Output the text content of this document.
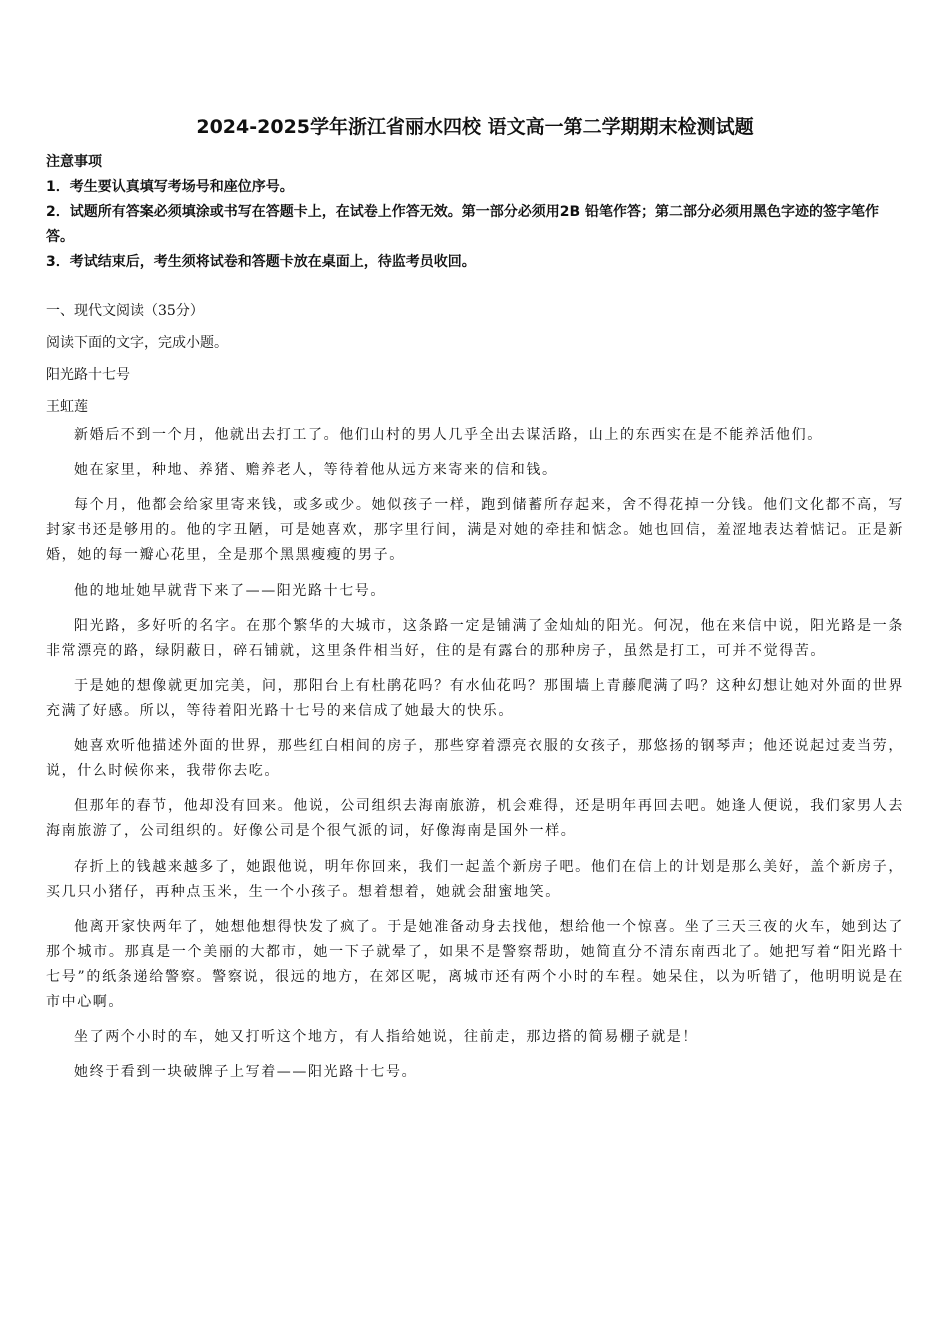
2024-2025学年浙江省丽水四校 语文高一第二学期期末检测试题

注意事项

1．考生要认真填写考场号和座位序号。

2．试题所有答案必须填涂或书写在答题卡上，在试卷上作答无效。第一部分必须用2B 铅笔作答；第二部分必须用黑色字迹的签字笔作答。

3．考试结束后，考生须将试卷和答题卡放在桌面上，待监考员收回。

一、现代文阅读（35分）

阅读下面的文字，完成小题。

阳光路十七号

王虹莲

新婚后不到一个月，他就出去打工了。他们山村的男人几乎全出去谋活路，山上的东西实在是不能养活他们。

她在家里，种地、养猪、赡养老人，等待着他从远方来寄来的信和钱。

每个月，他都会给家里寄来钱，或多或少。她似孩子一样，跑到储蓄所存起来，舍不得花掉一分钱。他们文化都不高，写封家书还是够用的。他的字丑陋，可是她喜欢，那字里行间，满是对她的牵挂和惦念。她也回信，羞涩地表达着惦记。正是新婚，她的每一瓣心花里，全是那个黑黑瘦瘦的男子。

他的地址她早就背下来了——阳光路十七号。

阳光路，多好听的名字。在那个繁华的大城市，这条路一定是铺满了金灿灿的阳光。何况，他在来信中说，阳光路是一条非常漂亮的路，绿阴蔽日，碎石铺就，这里条件相当好，住的是有露台的那种房子，虽然是打工，可并不觉得苦。

于是她的想像就更加完美，问，那阳台上有杜鹃花吗？有水仙花吗？那围墙上青藤爬满了吗？这种幻想让她对外面的世界充满了好感。所以，等待着阳光路十七号的来信成了她最大的快乐。

她喜欢听他描述外面的世界，那些红白相间的房子，那些穿着漂亮衣服的女孩子，那悠扬的钢琴声；他还说起过麦当劳，说，什么时候你来，我带你去吃。

但那年的春节，他却没有回来。他说，公司组织去海南旅游，机会难得，还是明年再回去吧。她逢人便说，我们家男人去海南旅游了，公司组织的。好像公司是个很气派的词，好像海南是国外一样。

存折上的钱越来越多了，她跟他说，明年你回来，我们一起盖个新房子吧。他们在信上的计划是那么美好，盖个新房子，买几只小猪仔，再种点玉米，生一个小孩子。想着想着，她就会甜蜜地笑。

他离开家快两年了，她想他想得快发了疯了。于是她准备动身去找他，想给他一个惊喜。坐了三天三夜的火车，她到达了那个城市。那真是一个美丽的大都市，她一下子就晕了，如果不是警察帮助，她简直分不清东南西北了。她把写着“阳光路十七号”的纸条递给警察。警察说，很远的地方，在郊区呢，离城市还有两个小时的车程。她呆住，以为听错了，他明明说是在市中心啊。

坐了两个小时的车，她又打听这个地方，有人指给她说，往前走，那边搭的简易棚子就是！

她终于看到一块破牌子上写着——阳光路十七号。
